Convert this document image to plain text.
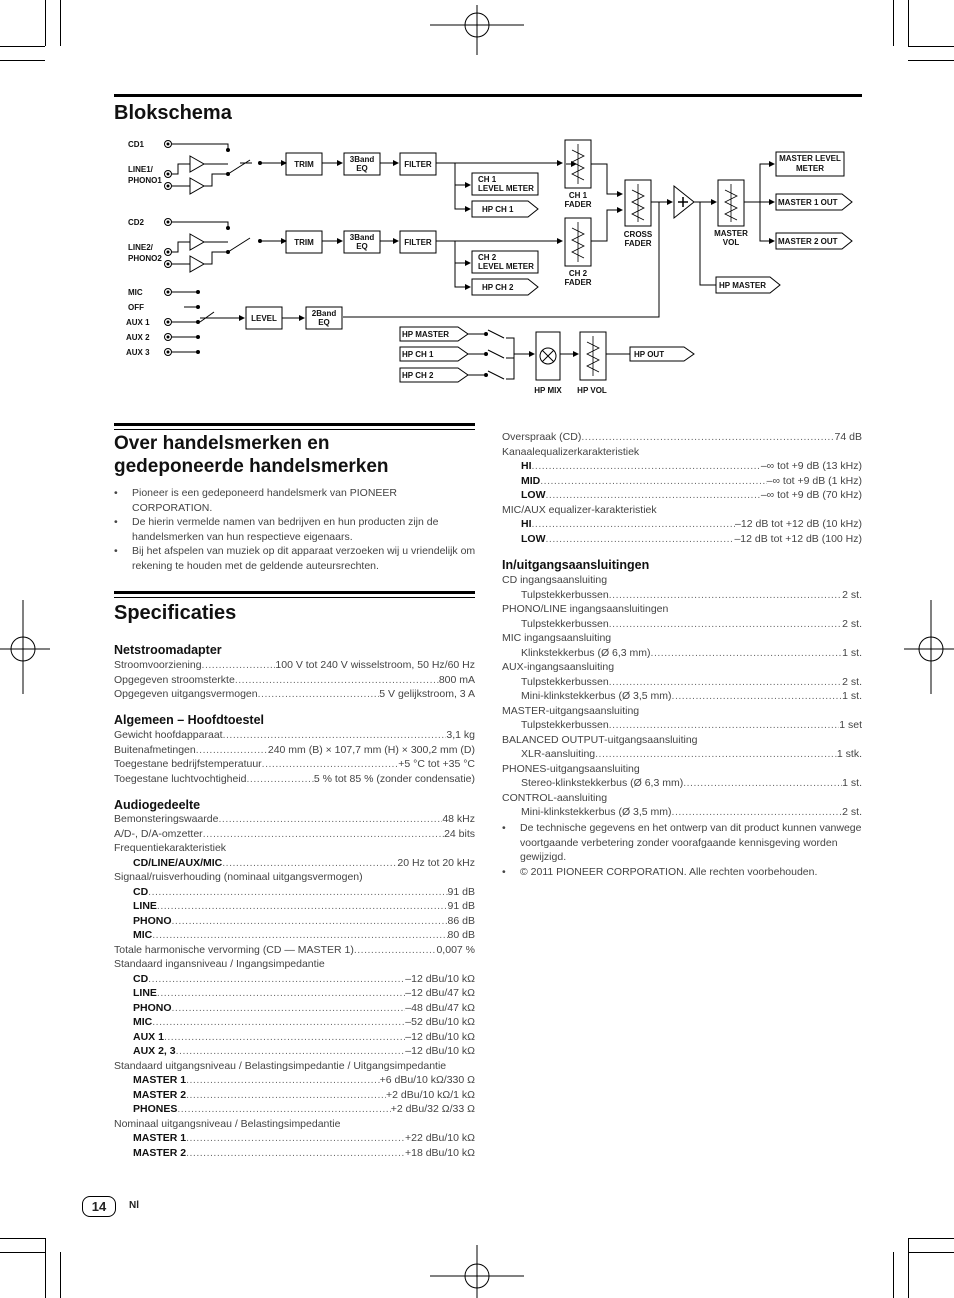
Blokschema
CD1
LINE1/
PHONO1
CD2
LINE2/
PHONO2
MIC
OFF
AUX 1
AUX 2
AUX 3
TRIM
3Band
EQ	FILTER
TRIM
3Band
EQ	FILTER
CH 1
LEVEL METER
HP CH 1
CH 2
LEVEL METER
HP CH 2
CH 1
FADER
CH 2
FADER
CROSS
FADER
MASTER
VOL
MASTER LEVEL
METER
MASTER 1 OUT
MASTER 2 OUT
HP MASTER
LEVEL
2Band
EQ
HP MASTER
HP CH 1
HP CH 2
HP OUT
HP MIX HP VOL
Over handelsmerken en
gedeponeerde handelsmerken
• Pioneer is een gedeponeerd handelsmerk van PIONEER CORPORATION.
• De hierin vermelde namen van bedrijven en hun producten zijn de handelsmerken van hun respectieve eigenaars.
• Bij het afspelen van muziek op dit apparaat verzoeken wij u vriendelijk om rekening te houden met de geldende auteursrechten.
Specificaties
Netstroomadapter
Stroomvoorziening .....	100 V tot 240 V wisselstroom, 50 Hz/60 Hz
Opgegeven stroomsterkte .....	800 mA
Opgegeven uitgangsvermogen .....	5 V gelijkstroom, 3 A
Algemeen – Hoofdtoestel
Gewicht hoofdapparaat .....	3,1 kg
Buitenafmetingen .....	240 mm (B) × 107,7 mm (H) × 300,2 mm (D)
Toegestane bedrijfstemperatuur .....	+5 °C tot +35 °C
Toegestane luchtvochtigheid .....	5 % tot 85 % (zonder condensatie)
Audiogedeelte
Bemonsteringswaarde .....	48 kHz
A/D-, D/A-omzetter .....	24 bits
Frequentiekarakteristiek
CD/LINE/AUX/MIC .....	20 Hz tot 20 kHz
Signaal/ruisverhouding (nominaal uitgangsvermogen)
CD .....	91 dB
LINE .....	91 dB
PHONO .....	86 dB
MIC .....	80 dB
Totale harmonische vervorming (CD — MASTER 1) .....	0,007 %
Standaard ingansniveau / Ingangsimpedantie
CD .....	–12 dBu/10 kΩ
LINE .....	–12 dBu/47 kΩ
PHONO .....	–48 dBu/47 kΩ
MIC .....	–52 dBu/10 kΩ
AUX 1 .....	–12 dBu/10 kΩ
AUX 2, 3 .....	–12 dBu/10 kΩ
Standaard uitgangsniveau / Belastingsimpedantie / Uitgangsimpedantie
MASTER 1 .....	+6 dBu/10 kΩ/330 Ω
MASTER 2 .....	+2 dBu/10 kΩ/1 kΩ
PHONES .....	+2 dBu/32 Ω/33 Ω
Nominaal uitgangsniveau / Belastingsimpedantie
MASTER 1 .....	+22 dBu/10 kΩ
MASTER 2 .....	+18 dBu/10 kΩ
Overspraak (CD) .....	74 dB
Kanaalequalizerkarakteristiek
HI .....	–∞ tot +9 dB (13 kHz)
MID .....	–∞ tot +9 dB (1 kHz)
LOW .....	–∞ tot +9 dB (70 kHz)
MIC/AUX equalizer-karakteristiek
HI .....	–12 dB tot +12 dB (10 kHz)
LOW .....	–12 dB tot +12 dB (100 Hz)
In/uitgangsaansluitingen
CD ingangsaansluiting
Tulpstekkerbussen .....	2 st.
PHONO/LINE ingangsaansluitingen
Tulpstekkerbussen .....	2 st.
MIC ingangsaansluiting
Klinkstekkerbus (Ø 6,3 mm) .....	1 st.
AUX-ingangsaansluiting
Tulpstekkerbussen .....	2 st.
Mini-klinkstekkerbus (Ø 3,5 mm) .....	1 st.
MASTER-uitgangsaansluiting
Tulpstekkerbussen .....	1 set
BALANCED OUTPUT-uitgangsaansluiting
XLR-aansluiting .....	1 stk.
PHONES-uitgangsaansluiting
Stereo-klinkstekkerbus (Ø 6,3 mm) .....	1 st.
CONTROL-aansluiting
Mini-klinkstekkerbus (Ø 3,5 mm) .....	2 st.
• De technische gegevens en het ontwerp van dit product kunnen vanwege voortgaande verbetering zonder voorafgaande kennisgeving worden gewijzigd.
• © 2011 PIONEER CORPORATION. Alle rechten voorbehouden.
14	Nl
